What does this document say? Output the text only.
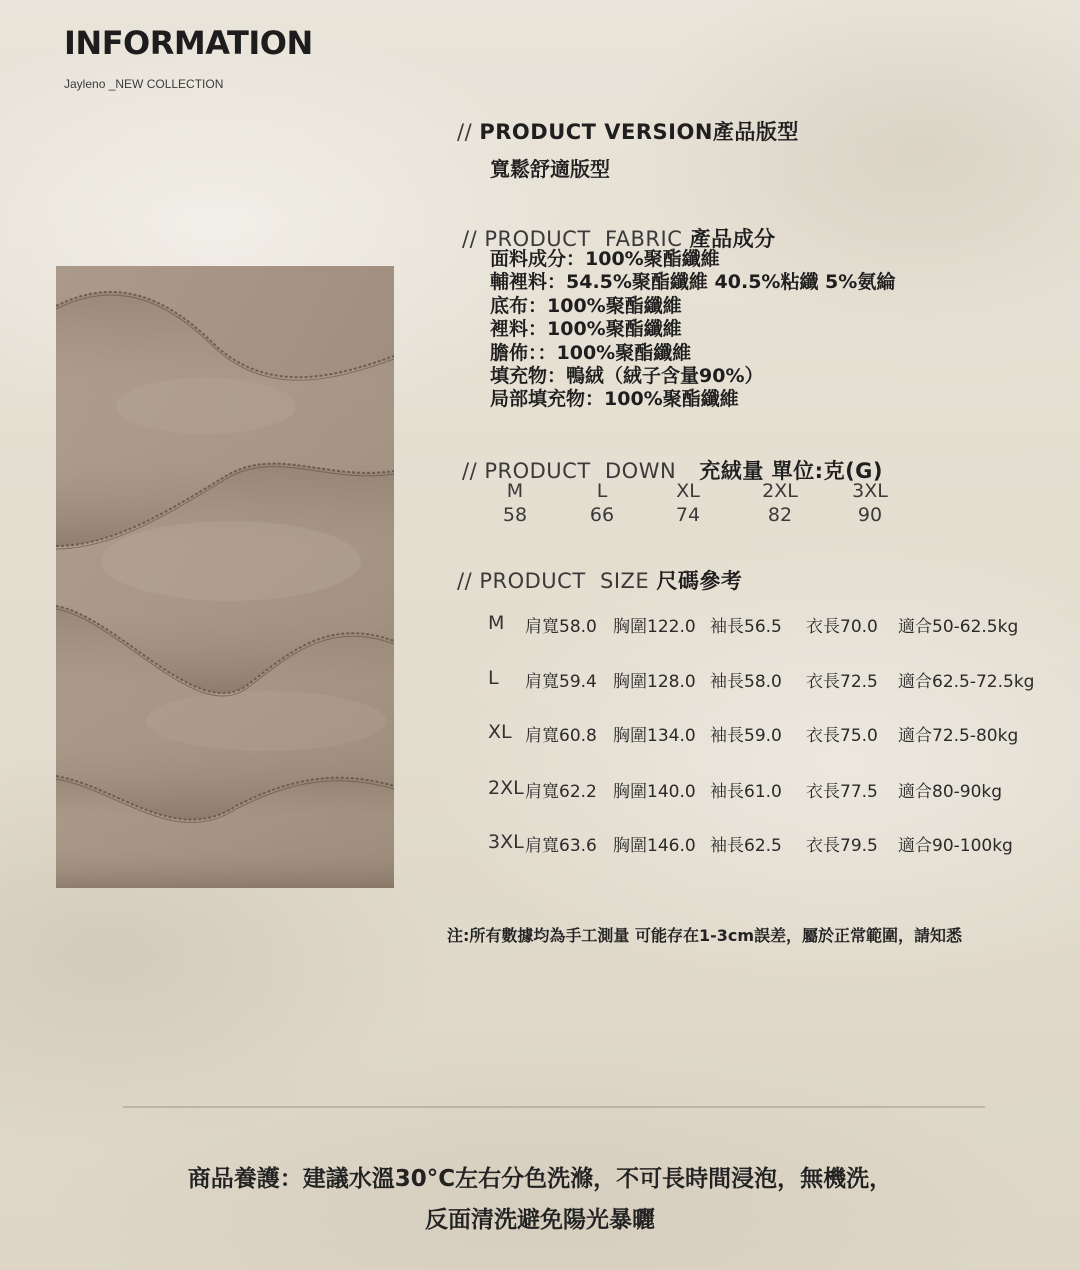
INFORMATION
Jayleno _NEW COLLECTION
// PRODUCT VERSION產品版型
寬鬆舒適版型
// PRODUCT  FABRIC 產品成分
面料成分：100%聚酯纖維
輔裡料：54.5%聚酯纖維 40.5%粘纖 5%氨綸
底布：100%聚酯纖維
裡料：100%聚酯纖維
膽佈：：100%聚酯纖維
填充物：鴨絨（絨子含量90%）
局部填充物：100%聚酯纖維
// PRODUCT  DOWN 充絨量 單位:克(G)
M	L	XL	2XL	3XL
58	66	74	82	90
// PRODUCT  SIZE 尺碼參考
M 肩寬58.0 胸圍122.0 袖長56.5 衣長70.0 適合50-62.5kg
L 肩寬59.4 胸圍128.0 袖長58.0 衣長72.5 適合62.5-72.5kg
XL 肩寬60.8 胸圍134.0 袖長59.0 衣長75.0 適合72.5-80kg
2XL 肩寬62.2 胸圍140.0 袖長61.0 衣長77.5 適合80-90kg
3XL 肩寬63.6 胸圍146.0 袖長62.5 衣長79.5 適合90-100kg
注:所有數據均為手工測量 可能存在1-3cm誤差，屬於正常範圍，請知悉
商品養護：建議水溫30°C左右分色洗滌，不可長時間浸泡，無機洗，
反面清洗避免陽光暴曬
